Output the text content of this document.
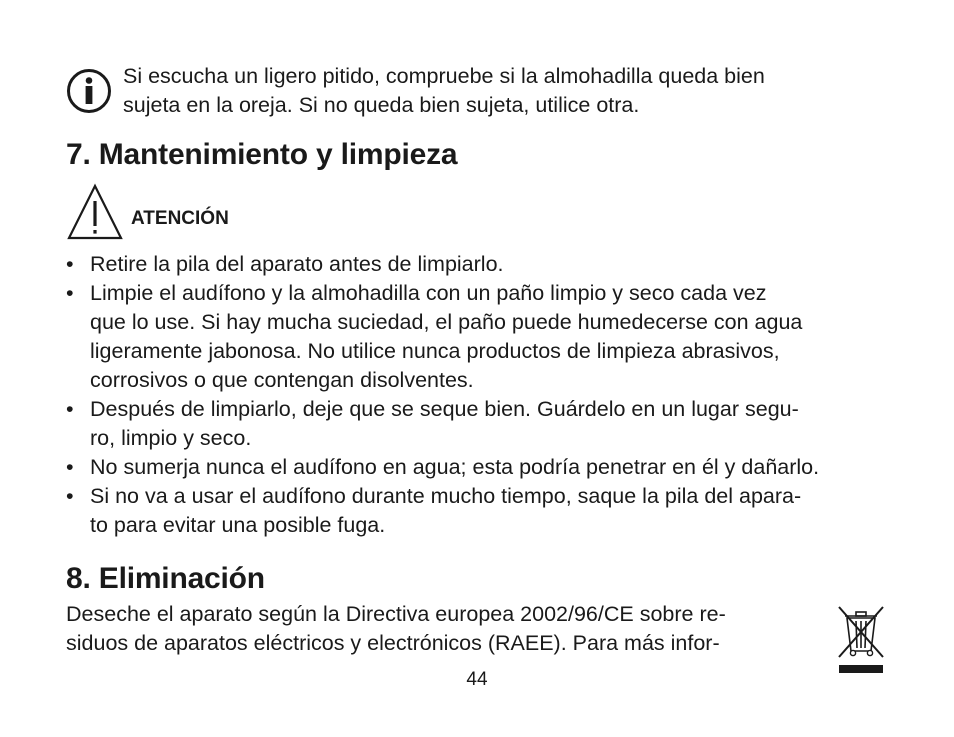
Si escucha un ligero pitido, compruebe si la almohadilla queda bien
sujeta en la oreja. Si no queda bien sujeta, utilice otra.
7. Mantenimiento y limpieza
ATENCIÓN
• Retire la pila del aparato antes de limpiarlo.
• Limpie el audífono y la almohadilla con un paño limpio y seco cada vez
que lo use. Si hay mucha suciedad, el paño puede humedecerse con agua
ligeramente jabonosa. No utilice nunca productos de limpieza abrasivos,
corrosivos o que contengan disolventes.
• Después de limpiarlo, deje que se seque bien. Guárdelo en un lugar segu-
ro, limpio y seco.
• No sumerja nunca el audífono en agua; esta podría penetrar en él y dañarlo.
• Si no va a usar el audífono durante mucho tiempo, saque la pila del apara-
to para evitar una posible fuga.
8. Eliminación
Deseche el aparato según la Directiva europea 2002/96/CE sobre re-
siduos de aparatos eléctricos y electrónicos (RAEE). Para más infor-
44
